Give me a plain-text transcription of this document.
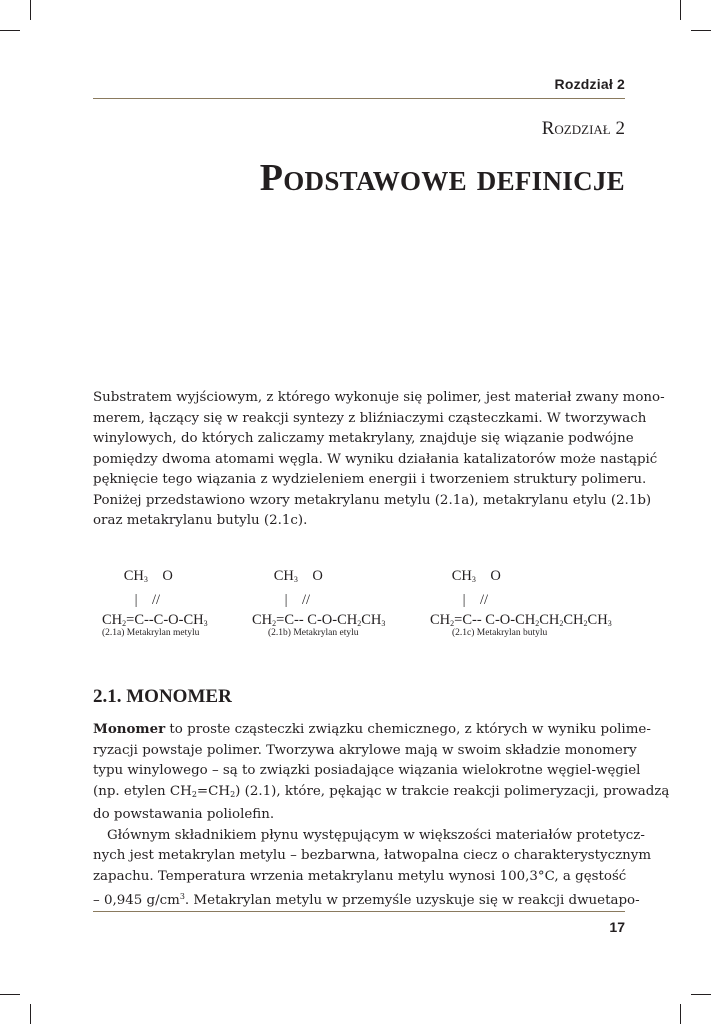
Rozdział 2
Rozdział 2
Podstawowe definicje
Substratem wyjściowym, z którego wykonuje się polimer, jest materiał zwany mono-
merem, łączący się w reakcji syntezy z bliźniaczymi cząsteczkami. W tworzywach
winylowych, do których zaliczamy metakrylany, znajduje się wiązanie podwójne
pomiędzy dwoma atomami węgla. W wyniku działania katalizatorów może nastąpić
pęknięcie tego wiązania z wydzieleniem energii i tworzeniem struktury polimeru.
Poniżej przedstawiono wzory metakrylanu metylu (2.1a), metakrylanu etylu (2.1b)
oraz metakrylanu butylu (2.1c).

$CH_3$ O
|    //
$CH_2=C--C-O-CH_3$

(2.1a) Metakrylan metylu

$CH_3$ O
|    //
$CH_2=C--$ $C-O-CH_2CH_3$

(2.1b) Metakrylan etylu

$CH_3$ O
|    //
$CH_2=C--$ $C-O-CH_2CH_2CH_2CH_3$

(2.1c) Metakrylan butylu
2.1. MONOMER
Monomer to proste cząsteczki związku chemicznego, z których w wyniku polime-
ryzacji powstaje polimer. Tworzywa akrylowe mają w swoim składzie monomery
typu winylowego – są to związki posiadające wiązania wielokrotne węgiel-węgiel
(np. etylen $CH_2=CH_2$) (2.1), które, pękając w trakcie reakcji polimeryzacji, prowadzą
do powstawania poliolefin.
Głównym składnikiem płynu występującym w większości materiałów protetycz-
nych jest metakrylan metylu – bezbarwna, łatwopalna ciecz o charakterystycznym
zapachu. Temperatura wrzenia metakrylanu metylu wynosi 100,3°C, a gęstość
– 0,945 $g/cm^3$. Metakrylan metylu w przemyśle uzyskuje się w reakcji dwuetapo-
17
